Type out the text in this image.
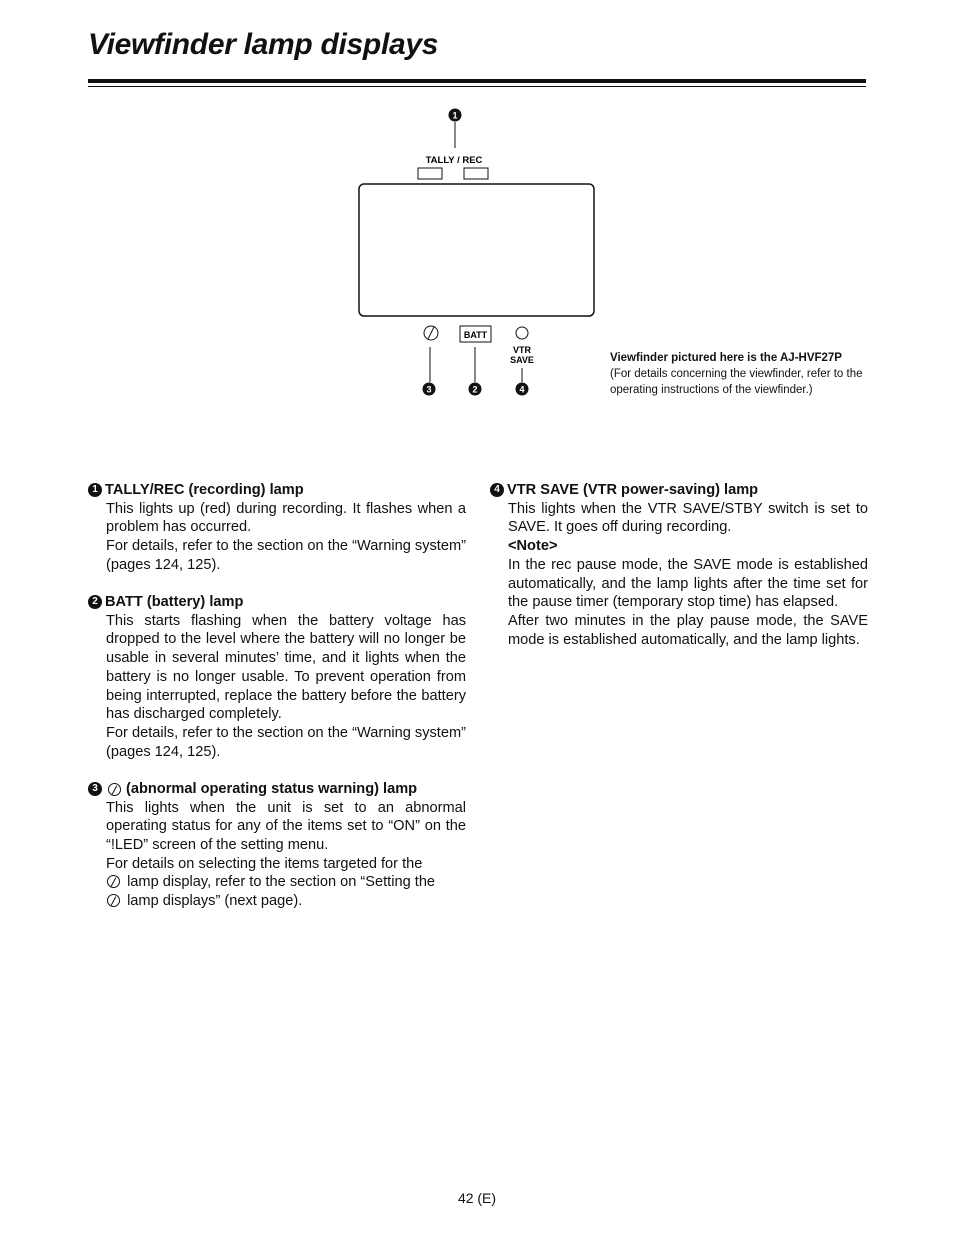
Viewfinder lamp displays
1
TALLY / REC
BATT
VTR
SAVE
3	2	4
Viewfinder pictured here is the AJ-HVF27P
(For details concerning the viewfinder, refer to the operating instructions of the viewfinder.)
1 TALLY/REC (recording) lamp

This lights up (red) during recording. It flashes when a problem has occurred.

For details, refer to the section on the “Warning system” (pages 124, 125).

2 BATT (battery) lamp

This starts flashing when the battery voltage has dropped to the level where the battery will no longer be usable in several minutes’ time, and it lights when the battery is no longer usable. To prevent operation from being interrupted, replace the battery before the battery has discharged completely.

For details, refer to the section on the “Warning system” (pages 124, 125).

3 (abnormal operating status warning) lamp

This lights when the unit is set to an abnormal operating status for any of the items set to “ON” on the “!LED” screen of the setting menu.

For details on selecting the items targeted for the
lamp display, refer to the section on “Setting the
lamp displays” (next page).

4 VTR SAVE (VTR power-saving) lamp

This lights when the VTR SAVE/STBY switch is set to SAVE. It goes off during recording.

<Note>

In the rec pause mode, the SAVE mode is established automatically, and the lamp lights after the time set for the pause timer (temporary stop time) has elapsed.

After two minutes in the play pause mode, the SAVE mode is established automatically, and the lamp lights.

42 (E)
